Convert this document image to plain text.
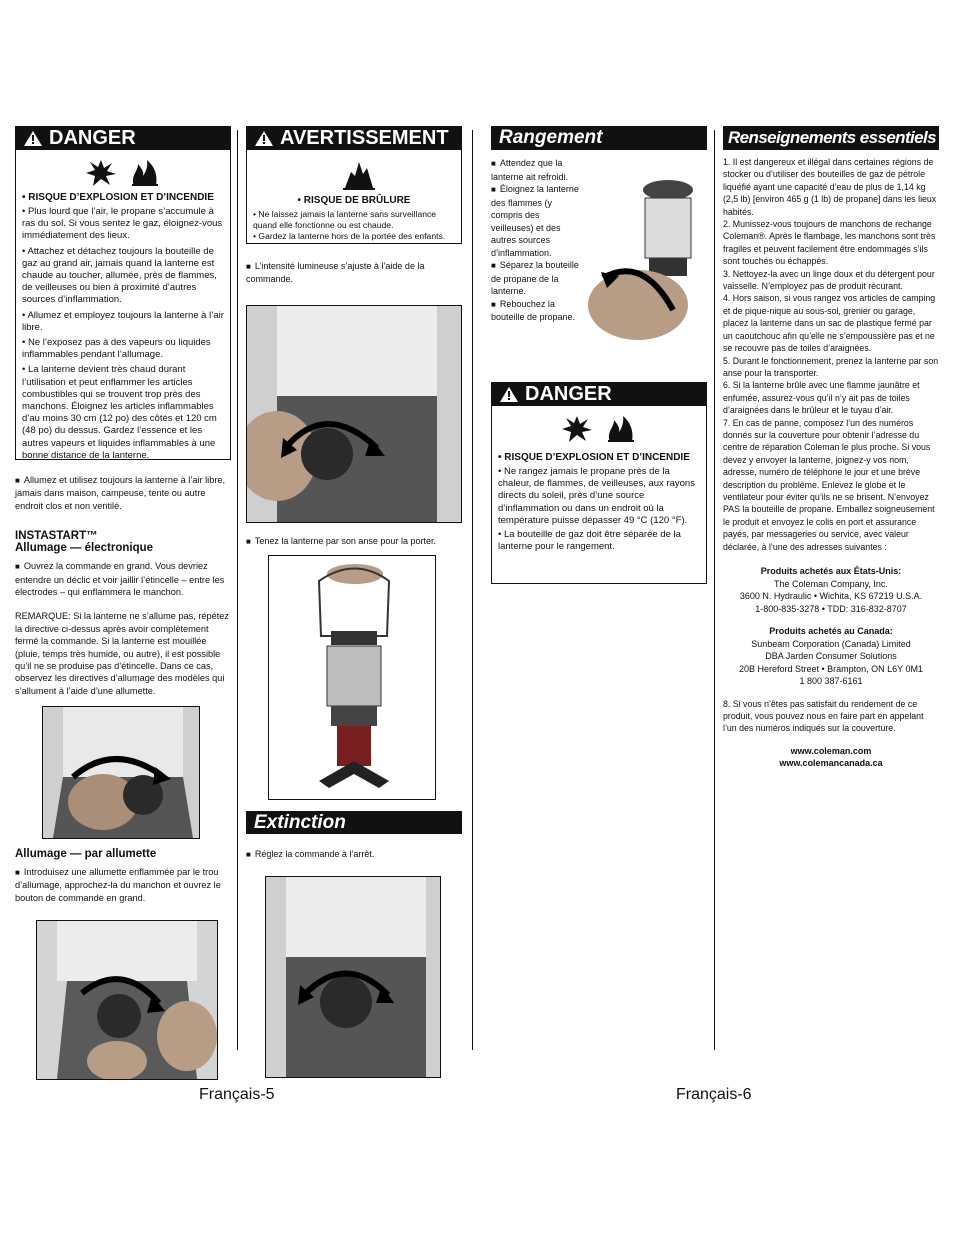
DANGER
• RISQUE D’EXPLOSION ET D’INCENDIE

• Plus lourd que l’air, le propane s’accumule à ras du sol. Si vous sentez le gaz, éloignez-vous immédiatement des lieux.

• Attachez et détachez toujours la bouteille de gaz au grand air, jamais quand la lanterne est chaude au toucher, allumée, près de flammes, de veilleuses ou bien à proximité d’autres sources d’inflammation.

• Allumez et employez toujours la lanterne à l’air libre.

• Ne l’exposez pas à des vapeurs ou liquides inflammables pendant l’allumage.

• La lanterne devient très chaud durant l’utilisation et peut enflammer les articles combustibles qui se trouvent trop près des manchons. Éloignez les articles inflammables d’au moins 30 cm (12 po) des côtés et 120 cm (48 po) du dessus. Gardez l’essence et les autres vapeurs et liquides inflammables à une bonne distance de la lanterne.

■ Allumez et utilisez toujours la lanterne à l’air libre, jamais dans maison, campeuse, tente ou autre endroit clos et non ventilé.
INSTASTART™
Allumage — électronique
■ Ouvrez la commande en grand. Vous devriez entendre un déclic et voir jaillir l’étincelle – entre les électrodes – qui enflammera le manchon.
REMARQUE: Si la lanterne ne s’allume pas, répétez la directive ci-dessus après avoir complètement fermé la commande. Si la lanterne est mouillée (pluie, temps très humide, ou autre), il est possible qu’il ne se produise pas d’étincelle. Dans ce cas, observez les directives d’allumage des modèles qui s’allument à l’aide d’une allumette.
Allumage — par allumette
■ Introduisez une allumette enflammée par le trou d’allumage, approchez-la du manchon et ouvrez le bouton de commande en grand.
AVERTISSEMENT
• RISQUE DE BRÛLURE

• Ne laissez jamais la lanterne sans surveillance quand elle fonctionne ou est chaude.

• Gardez la lanterne hors de la portée des enfants.

■ L’intensité lumineuse s’ajuste à l’aide de la commande.
■ Tenez la lanterne par son anse pour la porter.
Extinction
■ Réglez la commande à l’arrêt.
Rangement
■ Attendez que la lanterne ait refroidi.
■ Éloignez la lanterne des flammes (y compris des veilleuses) et des autres sources d’inflammation.
■ Séparez la bouteille de propane de la lanterne.
■ Rebouchez la bouteille de propane.
DANGER
• RISQUE D’EXPLOSION ET D’INCENDIE

• Ne rangez jamais le propane près de la chaleur, de flammes, de veilleuses, aux rayons directs du soleil, près d’une source d’inflammation ou dans un endroit où la température puisse dépasser 49 °C (120 °F).

• La bouteille de gaz doit être séparée de la lanterne pour le rangement.

Renseignements essentiels
1. Il est dangereux et illégal dans certaines régions de stocker ou d’utiliser des bouteilles de gaz de pétrole liquéfié ayant une capacité d’eau de plus de 1,14 kg (2,5 lb) [environ 465 g (1 lb) de propane] dans les lieux habités.
2. Munissez-vous toujours de manchons de rechange Coleman®. Après le flambage, les manchons sont très fragiles et peuvent facilement être endommagés s’ils sont touchés ou échappés.
3. Nettoyez-la avec un linge doux et du détergent pour vaisselle. N’employez pas de produit récurant.
4. Hors saison, si vous rangez vos articles de camping et de pique-nique au sous-sol, grenier ou garage, placez la lanterne dans un sac de plastique fermé par un caoutchouc afin qu’elle ne s’empoussière pas et ne se recouvre pas de toiles d’araignées.
5. Durant le fonctionnement, prenez la lanterne par son anse pour la transporter.
6. Si la lanterne brûle avec une flamme jaunâtre et enfumée, assurez-vous qu’il n’y ait pas de toiles d’araignées dans le brûleur et le tuyau d’air.
7. En cas de panne, composez l’un des numéros donnés sur la couverture pour obtenir l’adresse du centre de réparation Coleman le plus proche. Si vous devez y envoyer la lanterne, joignez-y vos nom, adresse, numéro de téléphone le jour et une brève description du problème. Enlevez le globe et le ventilateur pour éviter qu’ils ne se brisent. N’envoyez PAS la bouteille de propane. Emballez soigneusement le produit et envoyez le colis en port et assurance payés, par messageries ou service, avec valeur déclarée, à l’une des adresses suivantes :
Produits achetés aux États-Unis:
The Coleman Company, Inc.
3600 N. Hydraulic • Wichita, KS 67219 U.S.A.
1-800-835-3278 • TDD: 316-832-8707
Produits achetés au Canada:
Sunbeam Corporation (Canada) Limited
DBA Jarden Consumer Solutions
20B Hereford Street • Brampton, ON L6Y 0M1
1 800 387-6161
8. Si vous n’êtes pas satisfait du rendement de ce produit, vous pouvez nous en faire part en appelant l’un des numéros indiqués sur la couverture.
www.coleman.com
www.colemancanada.ca
Français-5	Français-6
